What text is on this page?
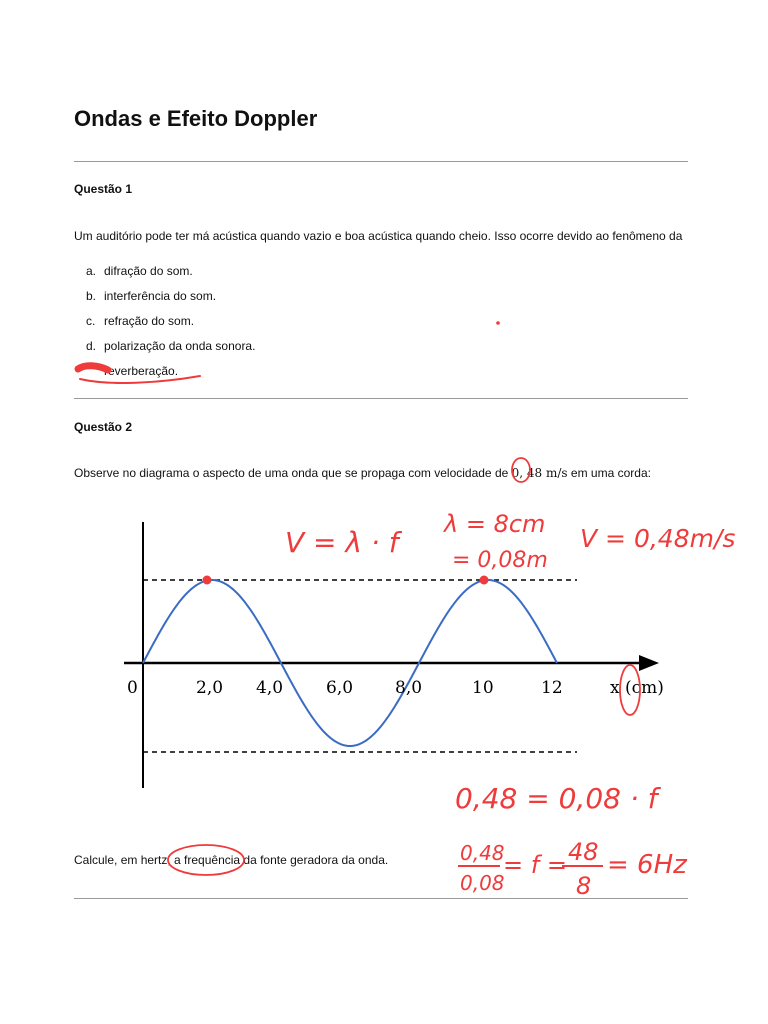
Ondas e Efeito Doppler
Questão 1
Um auditório pode ter má acústica quando vazio e boa acústica quando cheio. Isso ocorre devido ao fenômeno da
a. difração do som.
b. interferência do som.
c. refração do som.
d. polarização da onda sonora.
reverberação.
Questão 2
Observe no diagrama o aspecto de uma onda que se propaga com velocidade de 0, 48 m/s em uma corda:
0	2,0 4,0	6,0 8,0	10	12	x (cm)
Calcule, em hertz, a frequência da fonte geradora da onda.
V = λ · f
λ = 8cm
= 0,08m
V = 0,48m/s
0,48 = 0,08 · f
0,48
0,08
= f = 48
8
= 6Hz
